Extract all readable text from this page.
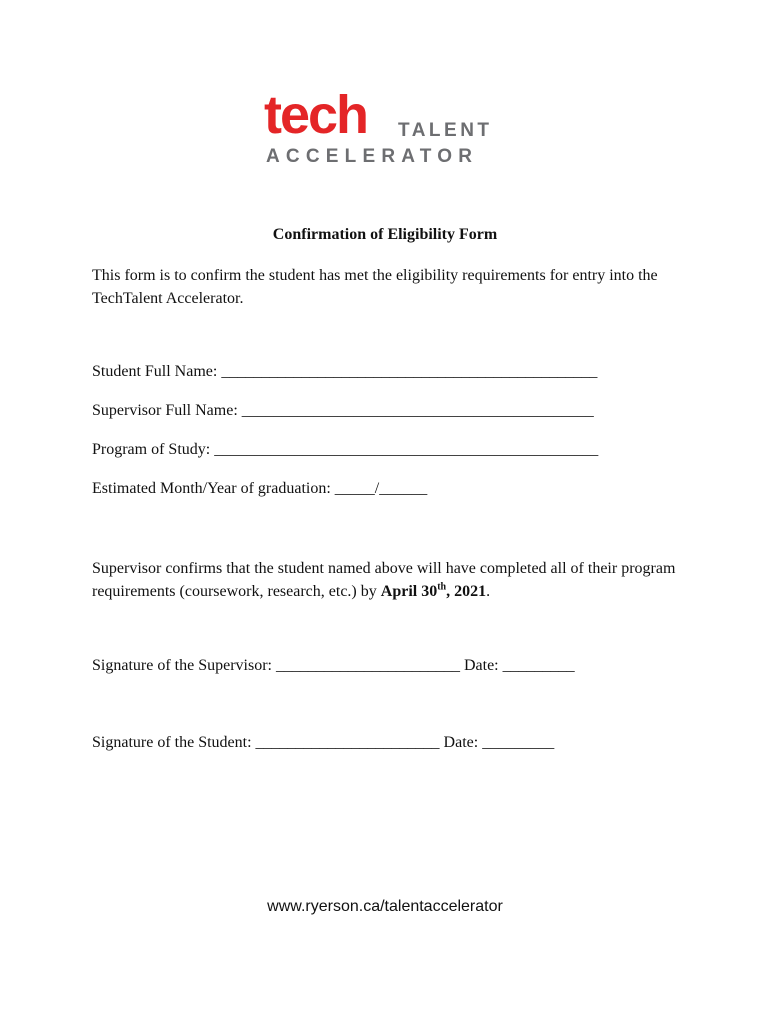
tech TALENT
ACCELERATOR
Confirmation of Eligibility Form
This form is to confirm the student has met the eligibility requirements for entry into the TechTalent Accelerator.
Student Full Name: _______________________________________________
Supervisor Full Name: ____________________________________________
Program of Study: ________________________________________________
Estimated Month/Year of graduation: _____/______
Supervisor confirms that the student named above will have completed all of their program requirements (coursework, research, etc.) by April 30th, 2021.
Signature of the Supervisor: _______________________ Date: _________
Signature of the Student: _______________________ Date: _________
www.ryerson.ca/talentaccelerator
